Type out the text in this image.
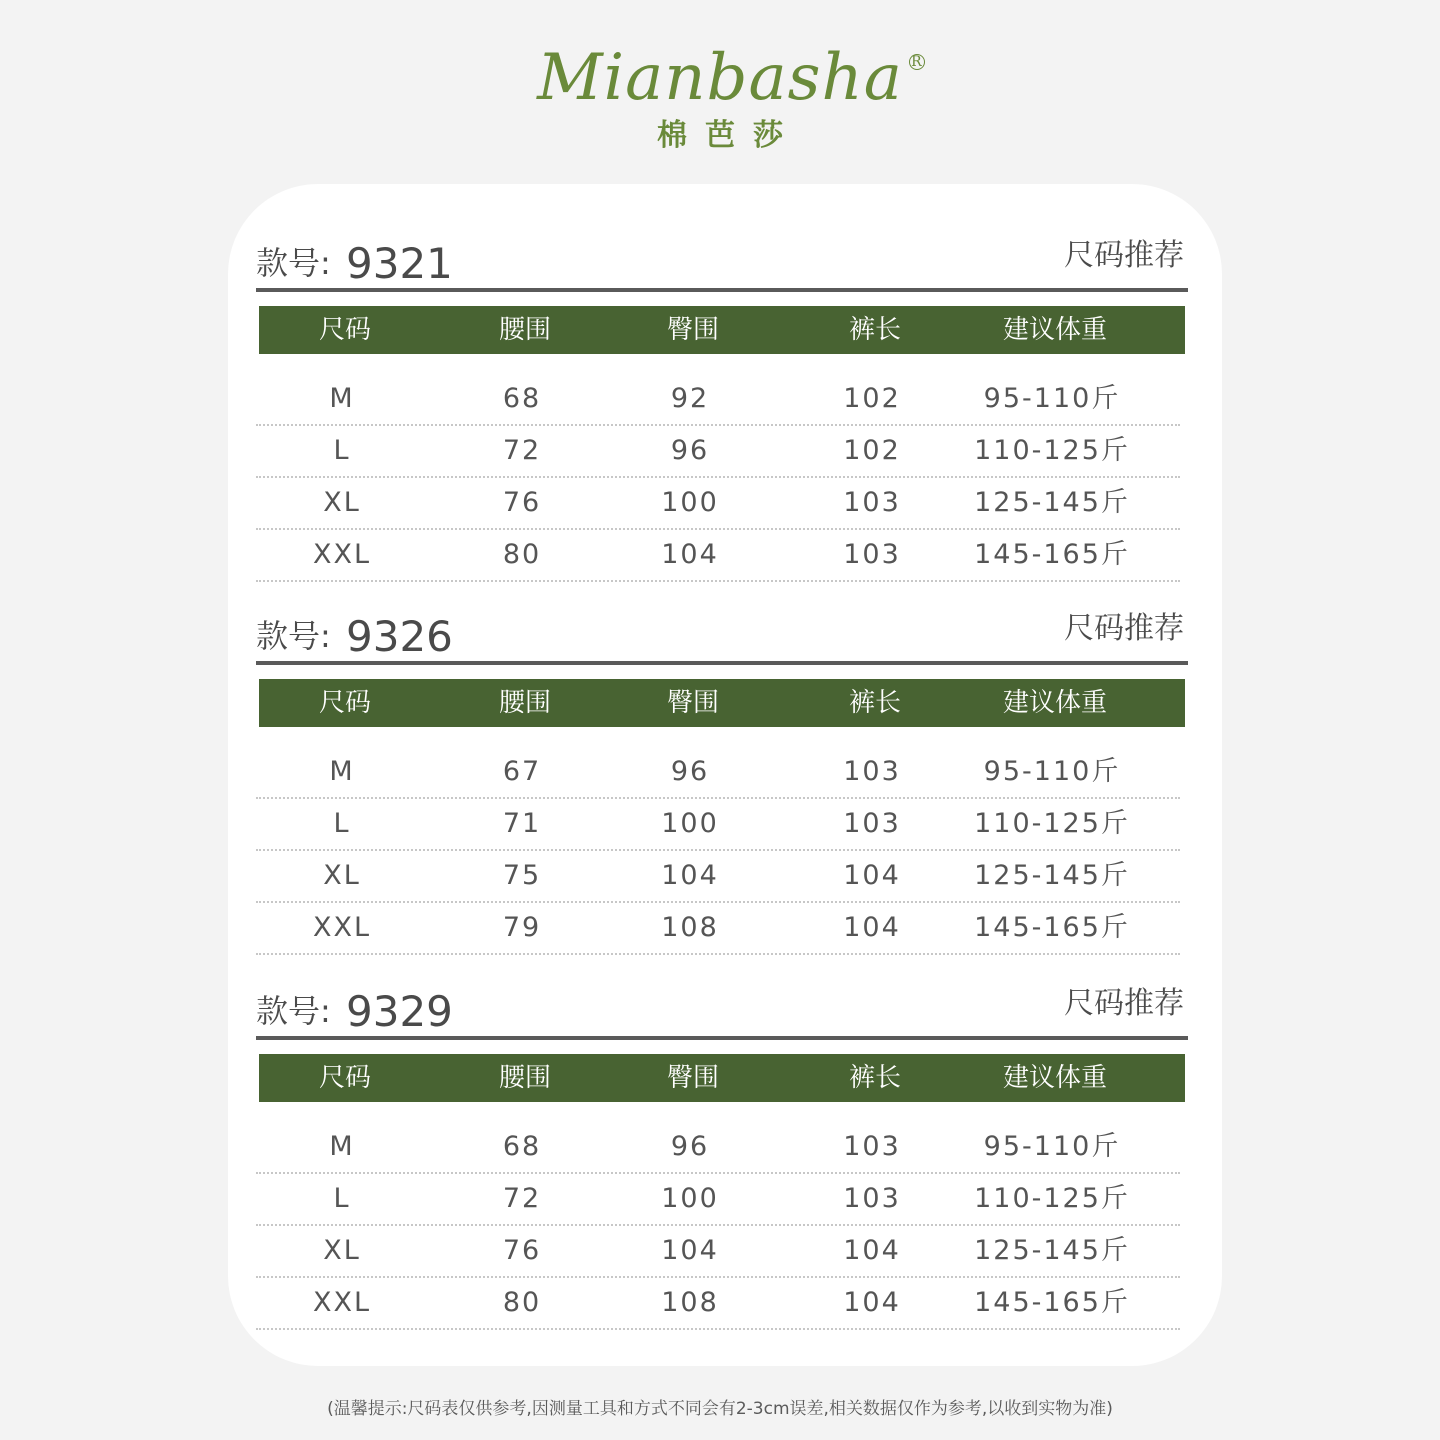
Mianbasha R
棉芭莎
款号: 9321	尺码推荐
尺码	腰围	臀围	裤长	建议体重
M	68	92	102	95-110斤
L	72	96	102	110-125斤
XL	76	100	103	125-145斤
XXL	80	104	103	145-165斤
款号: 9326	尺码推荐
尺码	腰围	臀围	裤长	建议体重
M	67	96	103	95-110斤
L	71	100	103	110-125斤
XL	75	104	104	125-145斤
XXL	79	108	104	145-165斤
款号: 9329	尺码推荐
尺码	腰围	臀围	裤长	建议体重
M	68	96	103	95-110斤
L	72	100	103	110-125斤
XL	76	104	104	125-145斤
XXL	80	108	104	145-165斤
(温馨提示:尺码表仅供参考,因测量工具和方式不同会有2-3cm误差,相关数据仅作为参考,以收到实物为准)
